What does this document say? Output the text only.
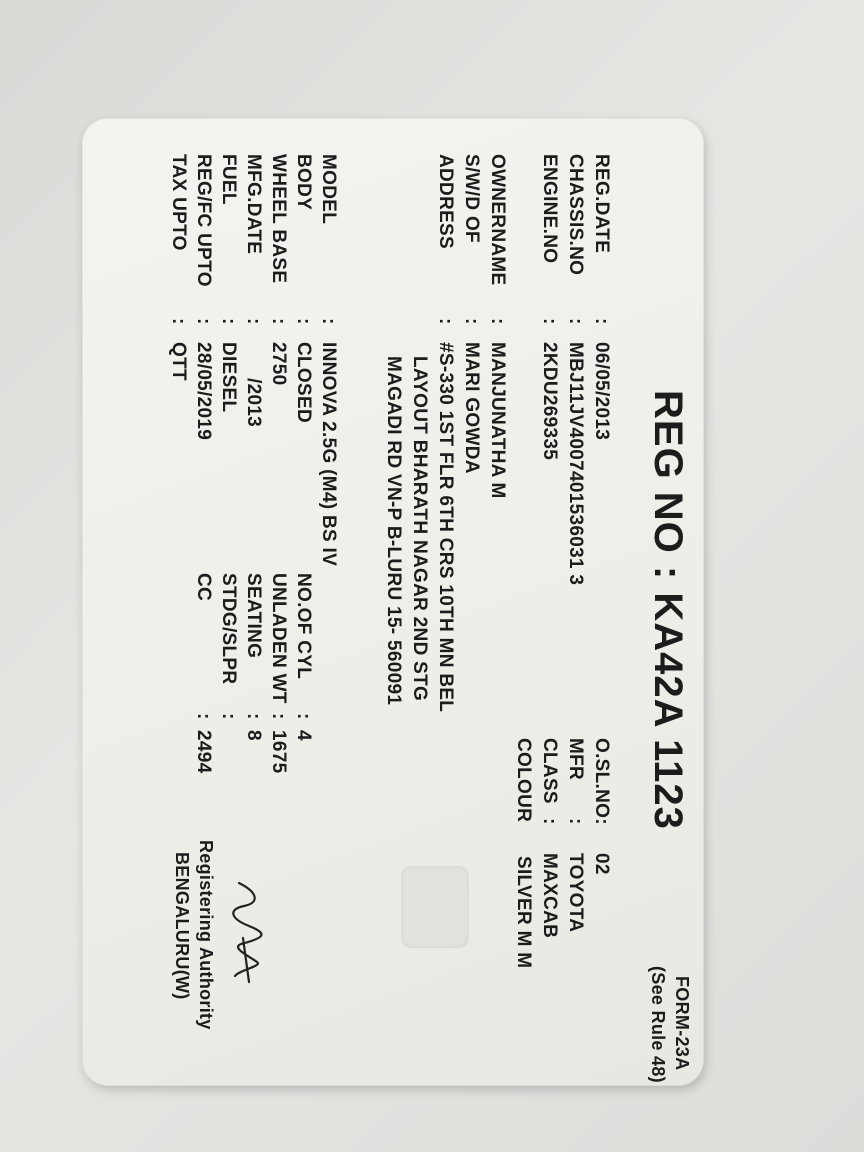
FORM-23A
(See Rule 48)
REG NO : KA42A 1123
REG.DATE
:
06/05/2013
CHASSIS.NO
:
MBJ11JV4007401536031 3
ENGINE.NO
:
2KDU269335
O.SL.NO:
02
MFR
:
TOYOTA
CLASS
:
MAXCAB
COLOUR
SILVER M M
OWNERNAME
:
MANJUNATHA M
S/W/D OF
:
MARI GOWDA
ADDRESS
:
#S-330 1ST FLR 6TH CRS 10TH MN BEL
LAYOUT BHARATH NAGAR 2ND STG
MAGADI RD VN-P B-LURU 15- 560091
MODEL
:
INNOVA 2.5G (M4) BS IV
BODY
:
CLOSED
NO.OF CYL
:
4
WHEEL BASE
:
2750
UNLADEN WT
:
1675
MFG.DATE
:
/2013
SEATING
:
8
FUEL
:
DIESEL
STDG/SLPR
:
REG/FC UPTO
:
28/05/2019
CC
:
2494
TAX UPTO
:
QTT
Registering Authority
BENGALURU(W)
